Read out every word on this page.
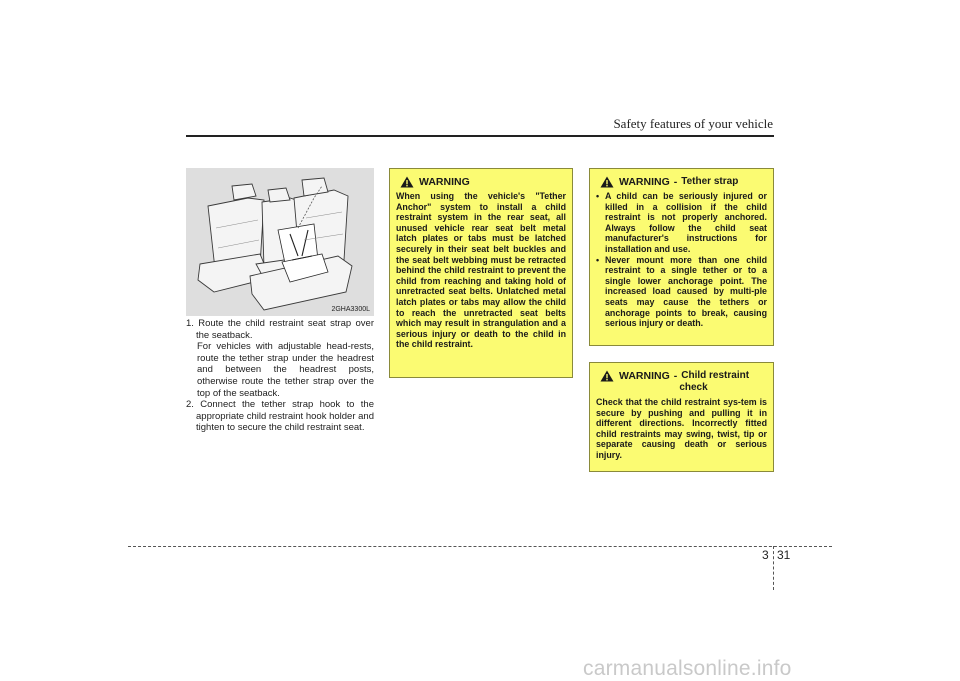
Safety features of your vehicle

2GHA3300L

1. Route the child restraint seat strap over the seatback.

For vehicles with adjustable head-rests, route the tether strap under the headrest and between the headrest posts, otherwise route the tether strap over the top of the seatback.

2. Connect the tether strap hook to the appropriate child restraint hook holder and tighten to secure the child restraint seat.

WARNING

When using the vehicle's "Tether Anchor" system to install a child restraint system in the rear seat, all unused vehicle rear seat belt metal latch plates or tabs must be latched securely in their seat belt buckles and the seat belt webbing must be retracted behind the child restraint to prevent the child from reaching and taking hold of unretracted seat belts. Unlatched metal latch plates or tabs may allow the child to reach the unretracted seat belts which may result in strangulation and a serious injury or death to the child in the child restraint.

WARNING - Tether strap
• A child can be seriously injured or killed in a collision if the child restraint is not properly anchored. Always follow the child seat manufacturer's instructions for installation and use.
• Never mount more than one child restraint to a single tether or to a single lower anchorage point. The increased load caused by multi-ple seats may cause the tethers or anchorage points to break, causing serious injury or death.
WARNING - Child restraint
check

Check that the child restraint sys-tem is secure by pushing and pulling it in different directions. Incorrectly fitted child restraints may swing, twist, tip or separate causing death or serious injury.

3 31

carmanualsonline.info
